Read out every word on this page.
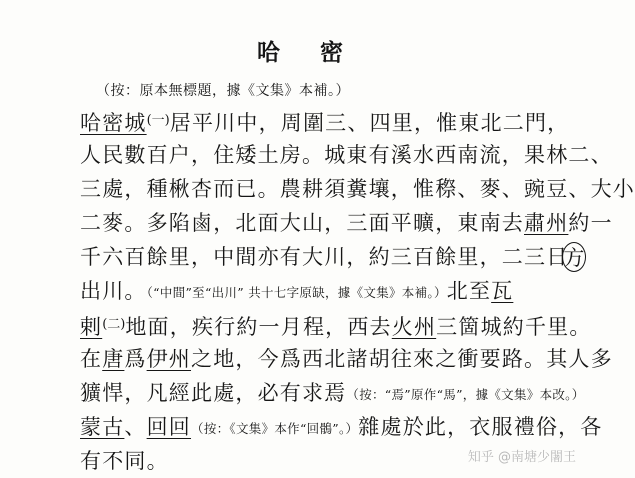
哈 密
（按：原本無標題，據《文集》本補。）
哈密城$^{(一)}$居平川中，周圍三、四里，惟東北二門，
人民數百户，住矮土房。城東有溪水西南流，果林二、
三處，種楸杏而已。農耕須糞壤，惟穄、麥、豌豆、大小
二麥。多陷鹵，北面大山，三面平曠，東南去肅州約一
千六百餘里，中間亦有大川，約三百餘里，二三日方
出川。（“中間”至“出川” 共十七字原缺，據《文集》本補。）北至瓦
剌$^{(二)}$地面，疾行約一月程，西去火州三箇城約千里。
在唐爲伊州之地，今爲西北諸胡往來之衝要路。其人多
獷悍，凡經此處，必有求焉（按：“焉”原作“馬”，據《文集》本改。）
蒙古、回回（按：《文集》本作“回鶻”。）雜處於此，衣服禮俗，各
有不同。	知乎 @南塘少闍王
